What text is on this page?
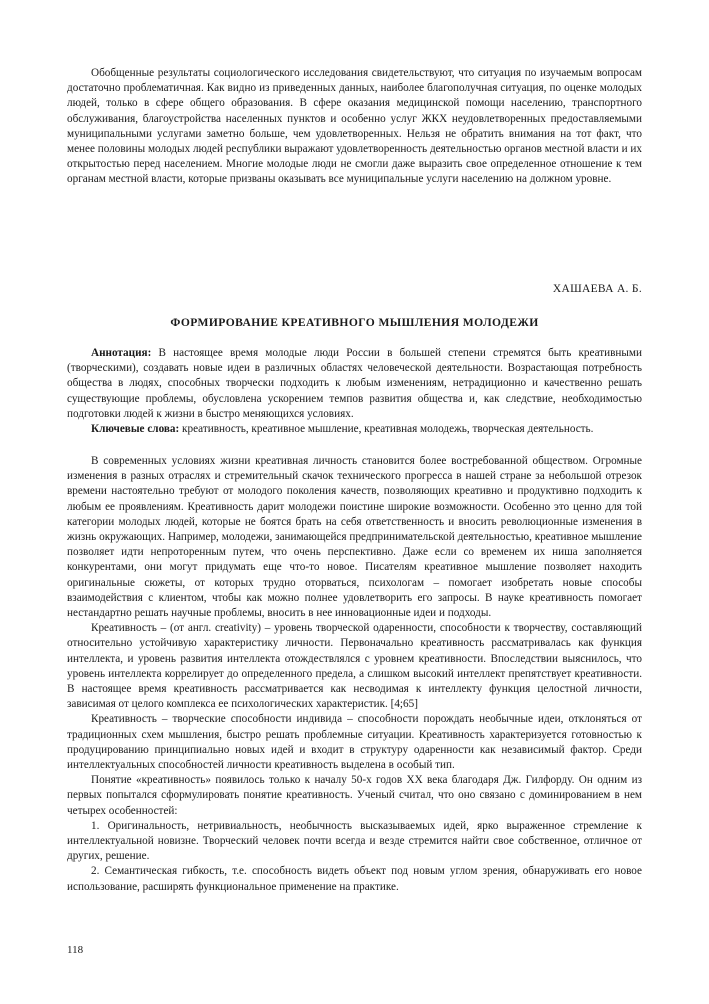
Обобщенные результаты социологического исследования свидетельствуют, что ситуация по изучаемым вопросам достаточно проблематичная. Как видно из приведенных данных, наиболее благополучная ситуация, по оценке молодых людей, только в сфере общего образования. В сфере оказания медицинской помощи населению, транспортного обслуживания, благоустройства населенных пунктов и особенно услуг ЖКХ неудовлетворенных предоставляемыми муниципальными услугами заметно больше, чем удовлетворенных. Нельзя не обратить внимания на тот факт, что менее половины молодых людей республики выражают удовлетворенность деятельностью органов местной власти и их открытостью перед населением. Многие молодые люди не смогли даже выразить свое определенное отношение к тем органам местной власти, которые призваны оказывать все муниципальные услуги населению на должном уровне.

ХАШАЕВА А. Б.
ФОРМИРОВАНИЕ КРЕАТИВНОГО МЫШЛЕНИЯ МОЛОДЕЖИ

Аннотация: В настоящее время молодые люди России в большей степени стремятся быть креативными (творческими), создавать новые идеи в различных областях человеческой деятельности. Возрастающая потребность общества в людях, способных творчески подходить к любым изменениям, нетрадиционно и качественно решать существующие проблемы, обусловлена ускорением темпов развития общества и, как следствие, необходимостью подготовки людей к жизни в быстро меняющихся условиях.

Ключевые слова: креативность, креативное мышление, креативная молодежь, творческая деятельность.

В современных условиях жизни креативная личность становится более востребованной обществом. Огромные изменения в разных отраслях и стремительный скачок технического прогресса в нашей стране за небольшой отрезок времени настоятельно требуют от молодого поколения качеств, позволяющих креативно и продуктивно подходить к любым ее проявлениям. Креативность дарит молодежи поистине широкие возможности. Особенно это ценно для той категории молодых людей, которые не боятся брать на себя ответственность и вносить революционные изменения в жизнь окружающих. Например, молодежи, занимающейся предпринимательской деятельностью, креативное мышление позволяет идти непроторенным путем, что очень перспективно. Даже если со временем их ниша заполняется конкурентами, они могут придумать еще что-то новое. Писателям креативное мышление позволяет находить оригинальные сюжеты, от которых трудно оторваться, психологам – помогает изобретать новые способы взаимодействия с клиентом, чтобы как можно полнее удовлетворить его запросы. В науке креативность помогает нестандартно решать научные проблемы, вносить в нее инновационные идеи и подходы.

Креативность – (от англ. creativity) – уровень творческой одаренности, способности к творчеству, составляющий относительно устойчивую характеристику личности. Первоначально креативность рассматривалась как функция интеллекта, и уровень развития интеллекта отождествлялся с уровнем креативности. Впоследствии выяснилось, что уровень интеллекта коррелирует до определенного предела, а слишком высокий интеллект препятствует креативности. В настоящее время креативность рассматривается как несводимая к интеллекту функция целостной личности, зависимая от целого комплекса ее психологических характеристик. [4;65]

Креативность – творческие способности индивида – способности порождать необычные идеи, отклоняться от традиционных схем мышления, быстро решать проблемные ситуации. Креативность характеризуется готовностью к продуцированию принципиально новых идей и входит в структуру одаренности как независимый фактор. Среди интеллектуальных способностей личности креативность выделена в особый тип.

Понятие «креативность» появилось только к началу 50-х годов XX века благодаря Дж. Гилфорду. Он одним из первых попытался сформулировать понятие креативность. Ученый считал, что оно связано с доминированием в нем четырех особенностей:

1. Оригинальность, нетривиальность, необычность высказываемых идей, ярко выраженное стремление к интеллектуальной новизне. Творческий человек почти всегда и везде стремится найти свое собственное, отличное от других, решение.

2. Семантическая гибкость, т.е. способность видеть объект под новым углом зрения, обнаруживать его новое использование, расширять функциональное применение на практике.

118
